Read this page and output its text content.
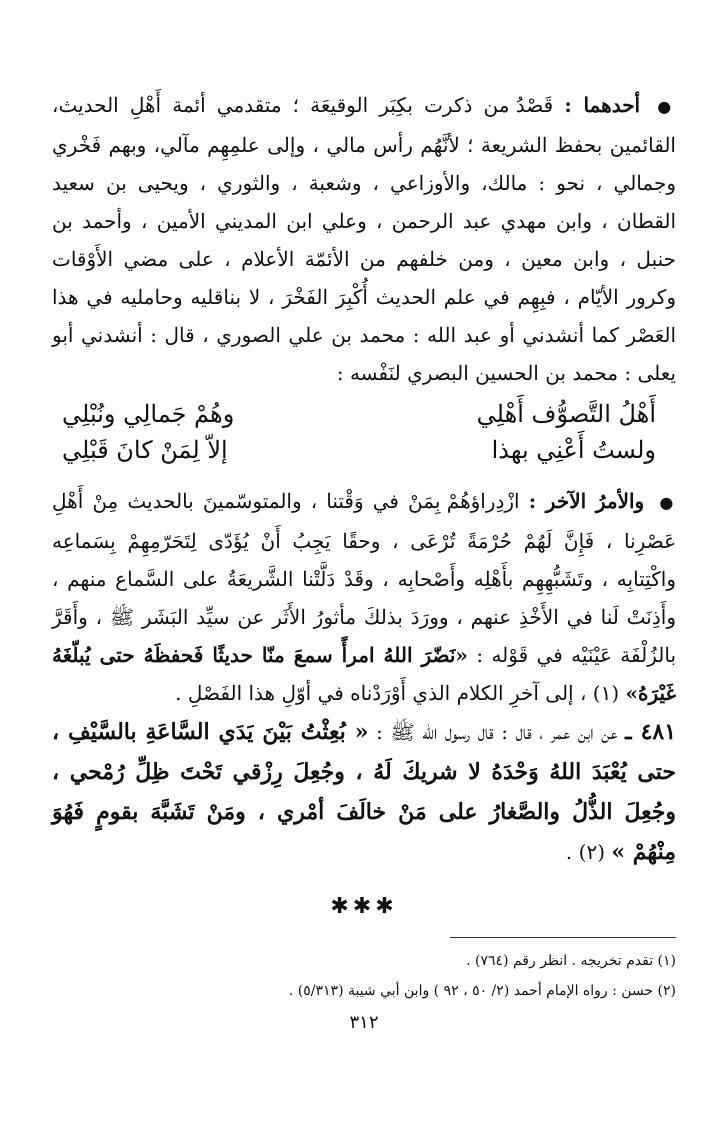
● أحدهما : قَصْدُ من ذكرت بكِبَر الوقيعَة ؛ متقدمي أئمة أَهْلِ الحديث، القائمين بحفظ الشريعة ؛ لأنَّهُم رأس مالي ، وإلى علمِهِم مآلي، وبهم فَخْري وجمالي ، نحو : مالك، والأوزاعي ، وشعبة ، والثوري ، ويحيى بن سعيد القطان ، وابن مهدي عبد الرحمن ، وعلي ابن المديني الأمين ، وأحمد بن حنبل ، وابن معين ، ومن خلفهم من الأئمّة الأعلام ، على مضي الأَوْقات وكرور الأيّام ، فبِهِم في علم الحديث أُكْبِرَ الفَخْرَ ، لا بناقليه وحامليه في هذا العَصْر كما أنشدني أو عبد الله : محمد بن علي الصوري ، قال : أنشدني أبو يعلى : محمد بن الحسين البصري لنَفْسه :

أَهْلُ التَّصوُّف أَهْلِي
وهُمْ جَمالِي ونُبْلِي
ولستُ أَعْنِي بهذا
إلاّ لِمَنْ كانَ قَبْلِي

● والأمرُ الآخر : ازْدِراؤهُمْ بِمَنْ في وَقْتنا ، والمتوسّمينَ بالحديث مِنْ أَهْلِ عَصْرِنا ، فَإِنَّ لَهُمْ حُرْمَةً تُرْعَى ، وحقًا يَجِبُ أَنْ يُؤَدّى لِتَحَرّمِهِمْ بِسَماعِه واكْتِتابِه ، وتَشَبُّهِهِم بأَهْلِه وأَصْحابِه ، وقَدْ دَلَّتْنا الشَّريعَةُ على السَّماع منهم ، وأَذِنَتْ لَنا في الأَخْذِ عنهم ، وورَدَ بذلكَ مأثورُ الأَثَر عن سيِّد البَشَر ﷺ ، وأَقَرَّ بالزُلْفَة عَيْنَيْه في قَوْله : «نَضّرَ اللهُ امرأً سمعَ منّا حديثًا فَحفظَهُ حتى يُبلّغَهُ غَيْرَهُ» (١) ، إلى آخرِ الكلام الذي أَوْرَدْناه في أوّلِ هذا الفَصْلِ .

٤٨١ ـ عن ابن عمر ، قال : قال رسول الله ﷺ : « بُعِثْتُ بَيْنَ يَدَي السَّاعَةِ بالسَّيْفِ ، حتى يُعْبَدَ اللهُ وَحْدَهُ لا شريكَ لَهُ ، وجُعِلَ رِزْقي تَحْتَ ظِلِّ رُمْحي ، وجُعِلَ الذُّلُ والصَّغارُ على مَنْ خالَفَ أمْري ، ومَنْ تَشَبَّهَ بقومٍ فَهُوَ مِنْهُمْ » (٢) .

✱✱✱

(١) تقدم تخريجه . انظر رقم (٧٦٤) .

(٢) حسن : رواه الإمام أحمد (٢/ ٥٠ ، ٩٢ ) وابن أبي شيبة (٥/٣١٣) .

٣١٢
